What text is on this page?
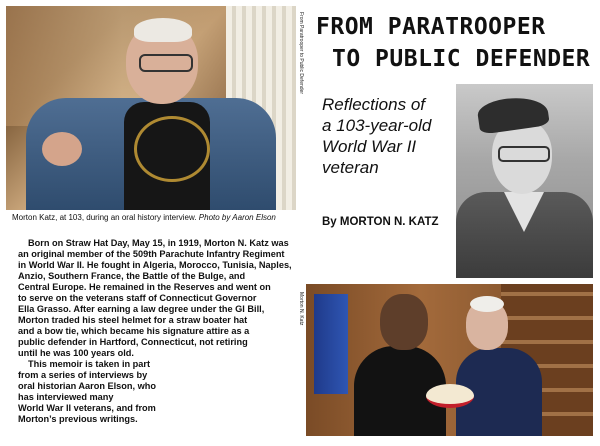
Morton Katz, at 103, during an oral history interview. Photo by Aaron Elson
From Paratrooper to Public Defender FROM PARATROOPER
TO PUBLIC DEFENDER
Reflections of
a 103-year-old
World War II
veteran
By MORTON N. KATZ

Born on Straw Hat Day, May 15, in 1919, Morton N. Katz was
an original member of the 509th Parachute Infantry Regiment
in World War II. He fought in Algeria, Morocco, Tunisia, Naples,
Anzio, Southern France, the Battle of the Bulge, and
Central Europe. He remained in the Reserves and went on
to serve on the veterans staff of Connecticut Governor
Ella Grasso. After earning a law degree under the GI Bill,
Morton traded his steel helmet for a straw boater hat
and a bow tie, which became his signature attire as a
public defender in Hartford, Connecticut, not retiring
until he was 100 years old.

This memoir is taken in part
from a series of interviews by
oral historian Aaron Elson, who
has interviewed many
World War II veterans, and from
Morton’s previous writings.

Morton N. Katz
